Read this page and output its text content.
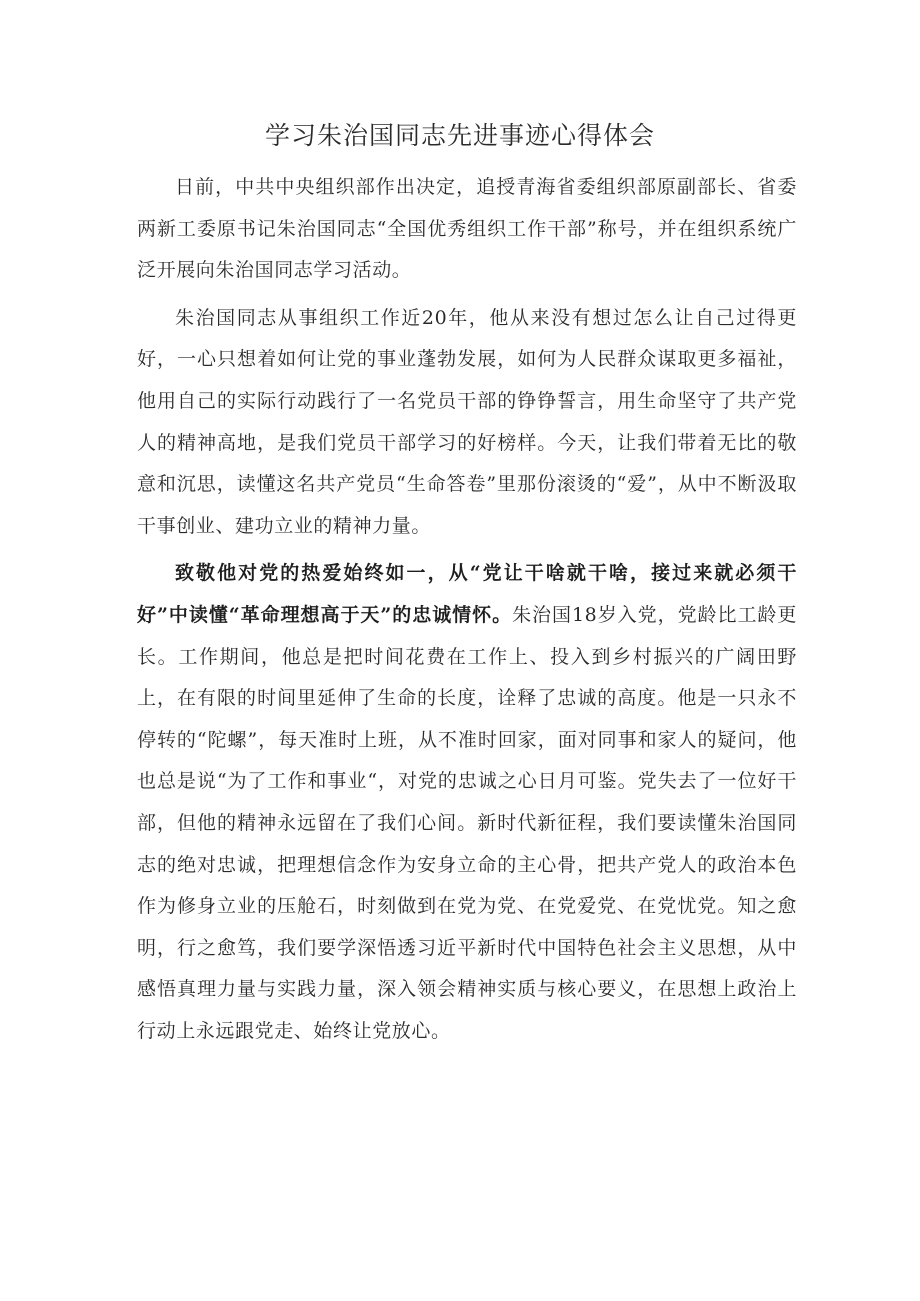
学习朱治国同志先进事迹心得体会

日前，中共中央组织部作出决定，追授青海省委组织部原副部长、省委两新工委原书记朱治国同志“全国优秀组织工作干部”称号，并在组织系统广泛开展向朱治国同志学习活动。

朱治国同志从事组织工作近20年，他从来没有想过怎么让自己过得更好，一心只想着如何让党的事业蓬勃发展，如何为人民群众谋取更多福祉，他用自己的实际行动践行了一名党员干部的铮铮誓言，用生命坚守了共产党人的精神高地，是我们党员干部学习的好榜样。今天，让我们带着无比的敬意和沉思，读懂这名共产党员“生命答卷”里那份滚烫的“爱”，从中不断汲取干事创业、建功立业的精神力量。

致敬他对党的热爱始终如一，从“党让干啥就干啥，接过来就必须干好”中读懂“革命理想高于天”的忠诚情怀。朱治国18岁入党，党龄比工龄更长。工作期间，他总是把时间花费在工作上、投入到乡村振兴的广阔田野上，在有限的时间里延伸了生命的长度，诠释了忠诚的高度。他是一只永不停转的“陀螺”，每天准时上班，从不准时回家，面对同事和家人的疑问，他也总是说“为了工作和事业“，对党的忠诚之心日月可鉴。党失去了一位好干部，但他的精神永远留在了我们心间。新时代新征程，我们要读懂朱治国同志的绝对忠诚，把理想信念作为安身立命的主心骨，把共产党人的政治本色作为修身立业的压舱石，时刻做到在党为党、在党爱党、在党忧党。知之愈明，行之愈笃，我们要学深悟透习近平新时代中国特色社会主义思想，从中感悟真理力量与实践力量，深入领会精神实质与核心要义，在思想上政治上行动上永远跟党走、始终让党放心。
